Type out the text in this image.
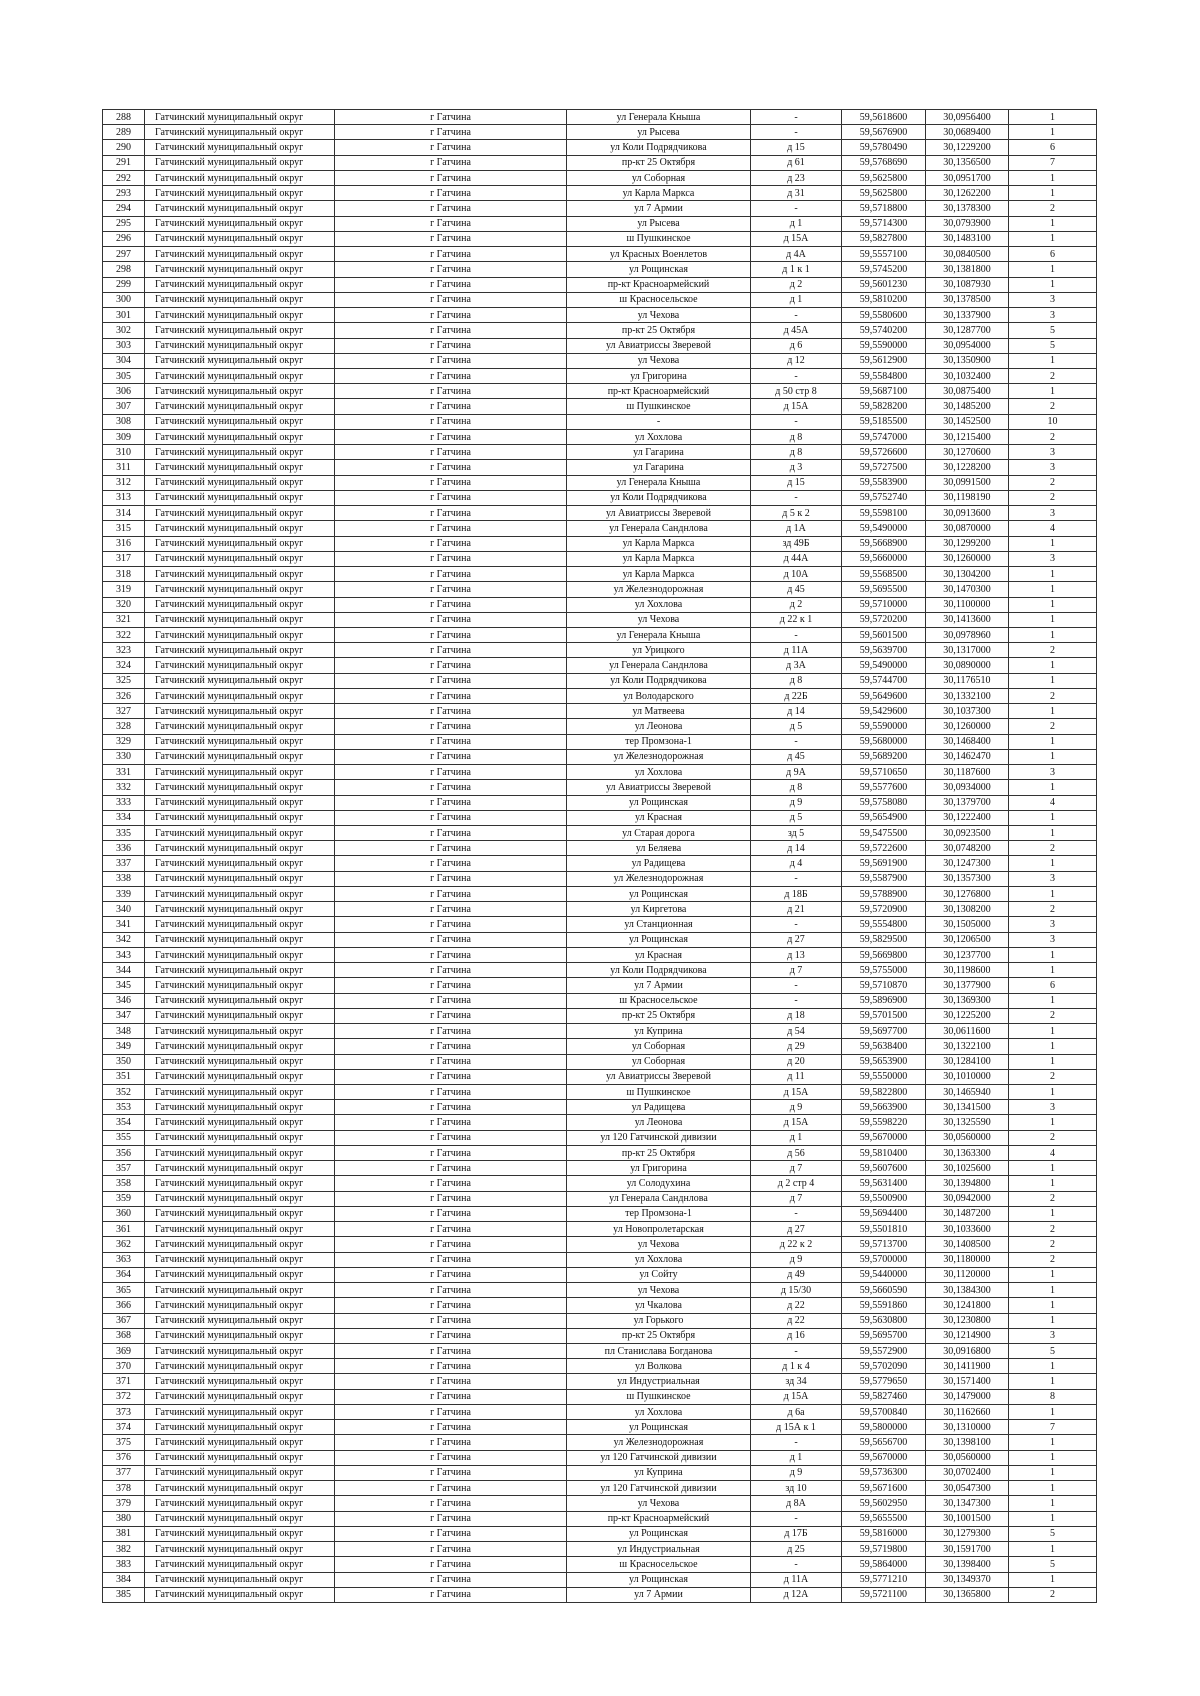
288	Гатчинский муниципальный округ	г Гатчина	ул Генерала Кныша	-	59,5618600	30,0956400	1
289	Гатчинский муниципальный округ	г Гатчина	ул Рысева	-	59,5676900	30,0689400	1
290	Гатчинский муниципальный округ	г Гатчина	ул Коли Подрядчикова	д 15	59,5780490	30,1229200	6
291	Гатчинский муниципальный округ	г Гатчина	пр-кт 25 Октября	д 61	59,5768690	30,1356500	7
292	Гатчинский муниципальный округ	г Гатчина	ул Соборная	д 23	59,5625800	30,0951700	1
293	Гатчинский муниципальный округ	г Гатчина	ул Карла Маркса	д 31	59,5625800	30,1262200	1
294	Гатчинский муниципальный округ	г Гатчина	ул 7 Армии	-	59,5718800	30,1378300	2
295	Гатчинский муниципальный округ	г Гатчина	ул Рысева	д 1	59,5714300	30,0793900	1
296	Гатчинский муниципальный округ	г Гатчина	ш Пушкинское	д 15А	59,5827800	30,1483100	1
297	Гатчинский муниципальный округ	г Гатчина	ул Красных Военлетов	д 4А	59,5557100	30,0840500	6
298	Гатчинский муниципальный округ	г Гатчина	ул Рощинская	д 1 к 1	59,5745200	30,1381800	1
299	Гатчинский муниципальный округ	г Гатчина	пр-кт Красноармейский	д 2	59,5601230	30,1087930	1
300	Гатчинский муниципальный округ	г Гатчина	ш Красносельское	д 1	59,5810200	30,1378500	3
301	Гатчинский муниципальный округ	г Гатчина	ул Чехова	-	59,5580600	30,1337900	3
302	Гатчинский муниципальный округ	г Гатчина	пр-кт 25 Октября	д 45А	59,5740200	30,1287700	5
303	Гатчинский муниципальный округ	г Гатчина	ул Авиатриссы Зверевой	д 6	59,5590000	30,0954000	5
304	Гатчинский муниципальный округ	г Гатчина	ул Чехова	д 12	59,5612900	30,1350900	1
305	Гатчинский муниципальный округ	г Гатчина	ул Григорина	-	59,5584800	30,1032400	2
306	Гатчинский муниципальный округ	г Гатчина	пр-кт Красноармейский	д 50 стр 8	59,5687100	30,0875400	1
307	Гатчинский муниципальный округ	г Гатчина	ш Пушкинское	д 15А	59,5828200	30,1485200	2
308	Гатчинский муниципальный округ	г Гатчина	-	-	59,5185500	30,1452500	10
309	Гатчинский муниципальный округ	г Гатчина	ул Хохлова	д 8	59,5747000	30,1215400	2
310	Гатчинский муниципальный округ	г Гатчина	ул Гагарина	д 8	59,5726600	30,1270600	3
311	Гатчинский муниципальный округ	г Гатчина	ул Гагарина	д 3	59,5727500	30,1228200	3
312	Гатчинский муниципальный округ	г Гатчина	ул Генерала Кныша	д 15	59,5583900	30,0991500	2
313	Гатчинский муниципальный округ	г Гатчина	ул Коли Подрядчикова	-	59,5752740	30,1198190	2
314	Гатчинский муниципальный округ	г Гатчина	ул Авиатриссы Зверевой	д 5 к 2	59,5598100	30,0913600	3
315	Гатчинский муниципальный округ	г Гатчина	ул Генерала Санднлова	д 1А	59,5490000	30,0870000	4
316	Гатчинский муниципальный округ	г Гатчина	ул Карла Маркса	зд 49Б	59,5668900	30,1299200	1
317	Гатчинский муниципальный округ	г Гатчина	ул Карла Маркса	д 44А	59,5660000	30,1260000	3
318	Гатчинский муниципальный округ	г Гатчина	ул Карла Маркса	д 10А	59,5568500	30,1304200	1
319	Гатчинский муниципальный округ	г Гатчина	ул Железнодорожная	д 45	59,5695500	30,1470300	1
320	Гатчинский муниципальный округ	г Гатчина	ул Хохлова	д 2	59,5710000	30,1100000	1
321	Гатчинский муниципальный округ	г Гатчина	ул Чехова	д 22 к 1	59,5720200	30,1413600	1
322	Гатчинский муниципальный округ	г Гатчина	ул Генерала Кныша	-	59,5601500	30,0978960	1
323	Гатчинский муниципальный округ	г Гатчина	ул Урицкого	д 11А	59,5639700	30,1317000	2
324	Гатчинский муниципальный округ	г Гатчина	ул Генерала Санднлова	д 3А	59,5490000	30,0890000	1
325	Гатчинский муниципальный округ	г Гатчина	ул Коли Подрядчикова	д 8	59,5744700	30,1176510	1
326	Гатчинский муниципальный округ	г Гатчина	ул Володарского	д 22Б	59,5649600	30,1332100	2
327	Гатчинский муниципальный округ	г Гатчина	ул Матвеева	д 14	59,5429600	30,1037300	1
328	Гатчинский муниципальный округ	г Гатчина	ул Леонова	д 5	59,5590000	30,1260000	2
329	Гатчинский муниципальный округ	г Гатчина	тер Промзона-1	-	59,5680000	30,1468400	1
330	Гатчинский муниципальный округ	г Гатчина	ул Железнодорожная	д 45	59,5689200	30,1462470	1
331	Гатчинский муниципальный округ	г Гатчина	ул Хохлова	д 9А	59,5710650	30,1187600	3
332	Гатчинский муниципальный округ	г Гатчина	ул Авиатриссы Зверевой	д 8	59,5577600	30,0934000	1
333	Гатчинский муниципальный округ	г Гатчина	ул Рощинская	д 9	59,5758080	30,1379700	4
334	Гатчинский муниципальный округ	г Гатчина	ул Красная	д 5	59,5654900	30,1222400	1
335	Гатчинский муниципальный округ	г Гатчина	ул Старая дорога	зд 5	59,5475500	30,0923500	1
336	Гатчинский муниципальный округ	г Гатчина	ул Беляева	д 14	59,5722600	30,0748200	2
337	Гатчинский муниципальный округ	г Гатчина	ул Радищева	д 4	59,5691900	30,1247300	1
338	Гатчинский муниципальный округ	г Гатчина	ул Железнодорожная	-	59,5587900	30,1357300	3
339	Гатчинский муниципальный округ	г Гатчина	ул Рощинская	д 18Б	59,5788900	30,1276800	1
340	Гатчинский муниципальный округ	г Гатчина	ул Киргетова	д 21	59,5720900	30,1308200	2
341	Гатчинский муниципальный округ	г Гатчина	ул Станционная	-	59,5554800	30,1505000	3
342	Гатчинский муниципальный округ	г Гатчина	ул Рощинская	д 27	59,5829500	30,1206500	3
343	Гатчинский муниципальный округ	г Гатчина	ул Красная	д 13	59,5669800	30,1237700	1
344	Гатчинский муниципальный округ	г Гатчина	ул Коли Подрядчикова	д 7	59,5755000	30,1198600	1
345	Гатчинский муниципальный округ	г Гатчина	ул 7 Армии	-	59,5710870	30,1377900	6
346	Гатчинский муниципальный округ	г Гатчина	ш Красносельское	-	59,5896900	30,1369300	1
347	Гатчинский муниципальный округ	г Гатчина	пр-кт 25 Октября	д 18	59,5701500	30,1225200	2
348	Гатчинский муниципальный округ	г Гатчина	ул Куприна	д 54	59,5697700	30,0611600	1
349	Гатчинский муниципальный округ	г Гатчина	ул Соборная	д 29	59,5638400	30,1322100	1
350	Гатчинский муниципальный округ	г Гатчина	ул Соборная	д 20	59,5653900	30,1284100	1
351	Гатчинский муниципальный округ	г Гатчина	ул Авиатриссы Зверевой	д 11	59,5550000	30,1010000	2
352	Гатчинский муниципальный округ	г Гатчина	ш Пушкинское	д 15А	59,5822800	30,1465940	1
353	Гатчинский муниципальный округ	г Гатчина	ул Радищева	д 9	59,5663900	30,1341500	3
354	Гатчинский муниципальный округ	г Гатчина	ул Леонова	д 15А	59,5598220	30,1325590	1
355	Гатчинский муниципальный округ	г Гатчина	ул 120 Гатчинской дивизии	д 1	59,5670000	30,0560000	2
356	Гатчинский муниципальный округ	г Гатчина	пр-кт 25 Октября	д 56	59,5810400	30,1363300	4
357	Гатчинский муниципальный округ	г Гатчина	ул Григорина	д 7	59,5607600	30,1025600	1
358	Гатчинский муниципальный округ	г Гатчина	ул Солодухина	д 2 стр 4	59,5631400	30,1394800	1
359	Гатчинский муниципальный округ	г Гатчина	ул Генерала Санднлова	д 7	59,5500900	30,0942000	2
360	Гатчинский муниципальный округ	г Гатчина	тер Промзона-1	-	59,5694400	30,1487200	1
361	Гатчинский муниципальный округ	г Гатчина	ул Новопролетарская	д 27	59,5501810	30,1033600	2
362	Гатчинский муниципальный округ	г Гатчина	ул Чехова	д 22 к 2	59,5713700	30,1408500	2
363	Гатчинский муниципальный округ	г Гатчина	ул Хохлова	д 9	59,5700000	30,1180000	2
364	Гатчинский муниципальный округ	г Гатчина	ул Сойту	д 49	59,5440000	30,1120000	1
365	Гатчинский муниципальный округ	г Гатчина	ул Чехова	д 15/30	59,5660590	30,1384300	1
366	Гатчинский муниципальный округ	г Гатчина	ул Чкалова	д 22	59,5591860	30,1241800	1
367	Гатчинский муниципальный округ	г Гатчина	ул Горького	д 22	59,5630800	30,1230800	1
368	Гатчинский муниципальный округ	г Гатчина	пр-кт 25 Октября	д 16	59,5695700	30,1214900	3
369	Гатчинский муниципальный округ	г Гатчина	пл Станислава Богданова	-	59,5572900	30,0916800	5
370	Гатчинский муниципальный округ	г Гатчина	ул Волкова	д 1 к 4	59,5702090	30,1411900	1
371	Гатчинский муниципальный округ	г Гатчина	ул Индустриальная	зд 34	59,5779650	30,1571400	1
372	Гатчинский муниципальный округ	г Гатчина	ш Пушкинское	д 15А	59,5827460	30,1479000	8
373	Гатчинский муниципальный округ	г Гатчина	ул Хохлова	д 6а	59,5700840	30,1162660	1
374	Гатчинский муниципальный округ	г Гатчина	ул Рощинская	д 15А к 1	59,5800000	30,1310000	7
375	Гатчинский муниципальный округ	г Гатчина	ул Железнодорожная	-	59,5656700	30,1398100	1
376	Гатчинский муниципальный округ	г Гатчина	ул 120 Гатчинской дивизии	д 1	59,5670000	30,0560000	1
377	Гатчинский муниципальный округ	г Гатчина	ул Куприна	д 9	59,5736300	30,0702400	1
378	Гатчинский муниципальный округ	г Гатчина	ул 120 Гатчинской дивизии	зд 10	59,5671600	30,0547300	1
379	Гатчинский муниципальный округ	г Гатчина	ул Чехова	д 8А	59,5602950	30,1347300	1
380	Гатчинский муниципальный округ	г Гатчина	пр-кт Красноармейский	-	59,5655500	30,1001500	1
381	Гатчинский муниципальный округ	г Гатчина	ул Рощинская	д 17Б	59,5816000	30,1279300	5
382	Гатчинский муниципальный округ	г Гатчина	ул Индустриальная	д 25	59,5719800	30,1591700	1
383	Гатчинский муниципальный округ	г Гатчина	ш Красносельское	-	59,5864000	30,1398400	5
384	Гатчинский муниципальный округ	г Гатчина	ул Рощинская	д 11А	59,5771210	30,1349370	1
385	Гатчинский муниципальный округ	г Гатчина	ул 7 Армии	д 12А	59,5721100	30,1365800	2
